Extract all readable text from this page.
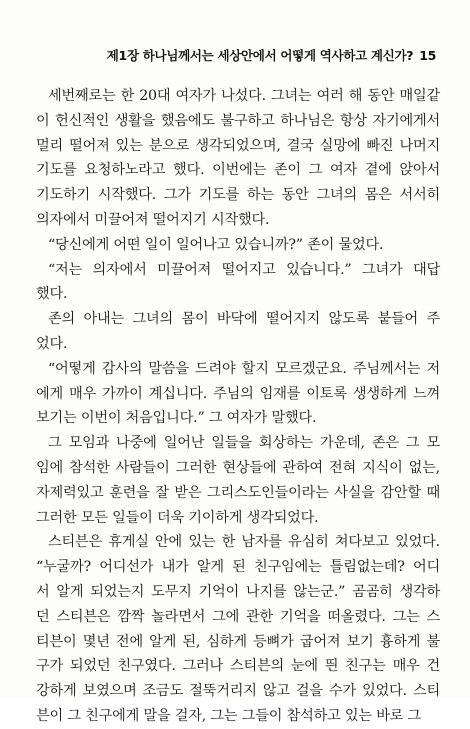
제1장 하나님께서는 세상안에서 어떻게 역사하고 계신가? 15
세번째로는 한 20대 여자가 나섰다. 그녀는 여러 해 동안 매일같
이 헌신적인 생활을 했음에도 불구하고 하나님은 항상 자기에게서
멀리 떨어져 있는 분으로 생각되었으며, 결국 실망에 빠진 나머지
기도를 요청하노라고 했다. 이번에는 존이 그 여자 곁에 앉아서
기도하기 시작했다. 그가 기도를 하는 동안 그녀의 몸은 서서히
의자에서 미끌어져 떨어지기 시작했다.
“당신에게 어떤 일이 일어나고 있습니까?” 존이 물었다.
“저는 의자에서 미끌어져 떨어지고 있습니다.” 그녀가 대답
했다.
존의 아내는 그녀의 몸이 바닥에 떨어지지 않도록 붙들어 주
었다.
“어떻게 감사의 말씀을 드려야 할지 모르겠군요. 주님께서는 저
에게 매우 가까이 계십니다. 주님의 임재를 이토록 생생하게 느껴
보기는 이번이 처음입니다.” 그 여자가 말했다.
그 모임과 나중에 일어난 일들을 회상하는 가운데, 존은 그 모
임에 참석한 사람들이 그러한 현상들에 관하여 전혀 지식이 없는,
자제력있고 훈련을 잘 받은 그리스도인들이라는 사실을 감안할 때
그러한 모든 일들이 더욱 기이하게 생각되었다.
스티븐은 휴게실 안에 있는 한 남자를 유심히 쳐다보고 있었다.
“누굴까? 어디선가 내가 알게 된 친구임에는 틀림없는데? 어디
서 알게 되었는지 도무지 기억이 나지를 않는군.” 곰곰히 생각하
던 스티븐은 깜짝 놀라면서 그에 관한 기억을 떠올렸다. 그는 스
티븐이 몇년 전에 알게 된, 심하게 등뼈가 굽어져 보기 흉하게 불
구가 되었던 친구였다. 그러나 스티븐의 눈에 띈 친구는 매우 건
강하게 보였으며 조금도 절뚝거리지 않고 걸을 수가 있었다. 스티
븐이 그 친구에게 말을 걸자, 그는 그들이 참석하고 있는 바로 그
